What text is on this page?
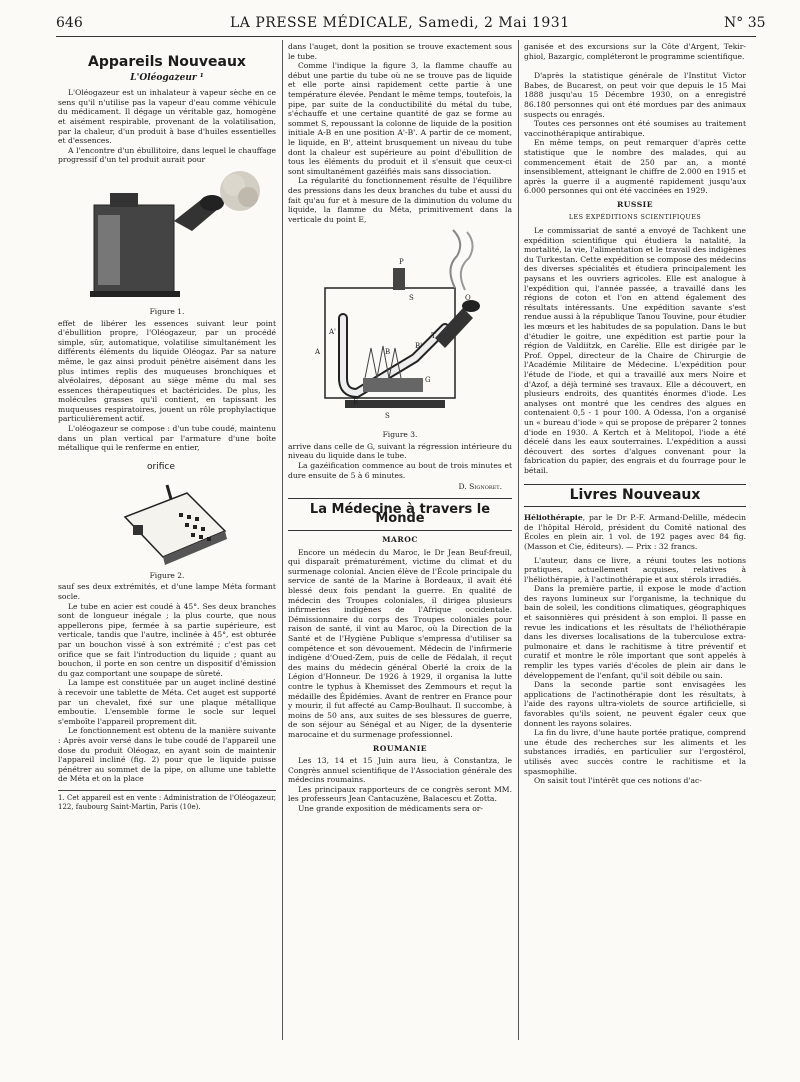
646	LA PRESSE MÉDICALE, Samedi, 2 Mai 1931	N° 35
Appareils Nouveaux
L'Oléogazeur ¹

L'Oléogazeur est un inhalateur à vapeur sèche en ce sens qu'il n'utilise pas la vapeur d'eau comme véhicule du médicament. Il dégage un véritable gaz, homogène et aisément respirable, provenant de la volatilisation, par la chaleur, d'un produit à base d'huiles essentielles et d'essences.

A l'encontre d'un ébullitoire, dans lequel le chauffage progressif d'un tel produit aurait pour

Figure 1.

effet de libérer les essences suivant leur point d'ébullition propre, l'Oléogazeur, par un procédé simple, sûr, automatique, volatilise simultanément les différents éléments du liquide Oléogaz. Par sa nature même, le gaz ainsi produit pénètre aisément dans les plus intimes replis des muqueuses bronchiques et alvéolaires, déposant au siège même du mal ses essences thérapeutiques et bactéricides. De plus, les molécules grasses qu'il contient, en tapissant les muqueuses respiratoires, jouent un rôle prophylactique particulièrement actif.

L'oléogazeur se compose : d'un tube coudé, maintenu dans un plan vertical par l'armature d'une boîte métallique qui le renferme en entier,

orifice
Figure 2.

sauf ses deux extrémités, et d'une lampe Méta formant socle.

Le tube en acier est coudé à 45°. Ses deux branches sont de longueur inégale ; la plus courte, que nous appellerons pipe, fermée à sa partie supérieure, est verticale, tandis que l'autre, inclinée à 45°, est obturée par un bouchon vissé à son extrémité ; c'est pas cet orifice que se fait l'introduction du liquide ; quant au bouchon, il porte en son centre un dispositif d'émission du gaz comportant une soupape de sûreté.

La lampe est constituée par un auget incliné destiné à recevoir une tablette de Méta. Cet auget est supporté par un chevalet, fixé sur une plaque métallique emboutie. L'ensemble forme le socle sur lequel s'emboîte l'appareil proprement dit.

Le fonctionnement est obtenu de la manière suivante : Après avoir versé dans le tube coudé de l'appareil une dose du produit Oléogaz, en ayant soin de maintenir l'appareil incliné (fig. 2) pour que le liquide puisse pénétrer au sommet de la pipe, on allume une tablette de Méta et on la place

1. Cet appareil est en vente : Administration de l'Oléogazeur, 122, faubourg Saint-Martin, Paris (10e).

dans l'auget, dont la position se trouve exactement sous le tube.

Comme l'indique la figure 3, la flamme chauffe au début une partie du tube où ne se trouve pas de liquide et elle porte ainsi rapidement cette partie à une température élevée. Pendant le même temps, toutefois, la pipe, par suite de la conductibilité du métal du tube, s'échauffe et une certaine quantité de gaz se forme au sommet S, repoussant la colonne de liquide de la position initiale A-B en une position A'-B'. A partir de ce moment, le liquide, en B', atteint brusquement un niveau du tube dont la chaleur est supérieure au point d'ébullition de tous les éléments du produit et il s'ensuit que ceux-ci sont simultanément gazéifiés mais sans dissociation.

La régularité du fonctionnement résulte de l'équilibre des pressions dans les deux branches du tube et aussi du fait qu'au fur et à mesure de la diminution du volume du liquide, la flamme du Méta, primitivement dans la verticale du point E,

P
O
S
T
A
A'
B
B'
E
G
S
Figure 3.

arrive dans celle de G, suivant la régression intérieure du niveau du liquide dans le tube.

La gazéification commence au bout de trois minutes et dure ensuite de 5 à 6 minutes.

D. Signoret.
La Médecine à travers le Monde
MAROC

Encore un médecin du Maroc, le Dr Jean Beuf-freuil, qui disparaît prématurément, victime du climat et du surmenage colonial. Ancien élève de l'École principale du service de santé de la Marine à Bordeaux, il avait été blessé deux fois pendant la guerre. En qualité de médecin des Troupes coloniales, il dirigea plusieurs infirmeries indigènes de l'Afrique occidentale. Démissionnaire du corps des Troupes coloniales pour raison de santé, il vint au Maroc, où la Direction de la Santé et de l'Hygiène Publique s'empressa d'utiliser sa compétence et son dévouement. Médecin de l'infirmerie indigène d'Oued-Zem, puis de celle de Fédalah, il reçut des mains du médecin général Oberlé la croix de la Légion d'Honneur. De 1926 à 1929, il organisa la lutte contre le typhus à Khemisset des Zemmours et reçut la médaille des Épidémies. Avant de rentrer en France pour y mourir, il fut affecté au Camp-Boulhaut. Il succombe, à moins de 50 ans, aux suites de ses blessures de guerre, de son séjour au Sénégal et au Niger, de la dysenterie marocaine et du surmenage professionnel.

ROUMANIE

Les 13, 14 et 15 Juin aura lieu, à Constantza, le Congrès annuel scientifique de l'Association générale des médecins roumains.

Les principaux rapporteurs de ce congrès seront MM. les professeurs Jean Cantacuzène, Balacescu et Zotta.

Une grande exposition de médicaments sera or-

ganisée et des excursions sur la Côte d'Argent, Tekir-ghiol, Bazargic, compléteront le programme scientifique.

D'après la statistique générale de l'Institut Victor Babes, de Bucarest, on peut voir que depuis le 15 Mai 1888 jusqu'au 15 Décembre 1930, on a enregistré 86.180 personnes qui ont été mordues par des animaux suspects ou enragés.

Toutes ces personnes ont été soumises au traitement vaccinothérapique antirabique.

En même temps, on peut remarquer d'après cette statistique que le nombre des malades, qui au commencement était de 250 par an, a monté insensiblement, atteignant le chiffre de 2.000 en 1915 et après la guerre il a augmenté rapidement jusqu'aux 6.000 personnes qui ont été vaccinées en 1929.

RUSSIE
LES EXPÉDITIONS SCIENTIFIQUES

Le commissariat de santé a envoyé de Tachkent une expédition scientifique qui étudiera la natalité, la mortalité, la vie, l'alimentation et le travail des indigènes du Turkestan. Cette expédition se compose des médecins des diverses spécialités et étudiera principalement les paysans et les ouvriers agricoles. Elle est analogue à l'expédition qui, l'année passée, a travaillé dans les régions de coton et l'on en attend également des résultats intéressants. Une expédition savante s'est rendue aussi à la république Tanou Touvine, pour étudier les mœurs et les habitudes de sa population. Dans le but d'étudier le goitre, une expédition est partie pour la région de Valdiitzk, en Carélie. Elle est dirigée par le Prof. Oppel, directeur de la Chaire de Chirurgie de l'Académie Militaire de Médecine. L'expédition pour l'étude de l'iode, et qui a travaillé aux mers Noire et d'Azof, a déjà terminé ses travaux. Elle a découvert, en plusieurs endroits, des quantités énormes d'iode. Les analyses ont montré que les cendres des algues en contenaient 0,5 - 1 pour 100. A Odessa, l'on a organisé un « bureau d'iode » qui se propose de préparer 2 tonnes d'iode en 1930. A Kertch et à Melitopol, l'iode a été décelé dans les eaux souterraines. L'expédition a aussi découvert des sortes d'algues convenant pour la fabrication du papier, des engrais et du fourrage pour le bétail.

Livres Nouveaux

Héliothérapie, par le Dr P.-F. Armand-Delille, médecin de l'hôpital Hérold, président du Comité national des Écoles en plein air. 1 vol. de 192 pages avec 84 fig. (Masson et Cie, éditeurs). — Prix : 32 francs.

L'auteur, dans ce livre, a réuni toutes les notions pratiques, actuellement acquises, relatives à l'héliothérapie, à l'actinothérapie et aux stérols irradiés.

Dans la première partie, il expose le mode d'action des rayons lumineux sur l'organisme, la technique du bain de soleil, les conditions climatiques, géographiques et saisonnières qui président à son emploi. Il passe en revue les indications et les résultats de l'héliothérapie dans les diverses localisations de la tuberculose extra-pulmonaire et dans le rachitisme à titre préventif et curatif et montre le rôle important que sont appelés à remplir les types variés d'écoles de plein air dans le développement de l'enfant, qu'il soit débile ou sain.

Dans la seconde partie sont envisagées les applications de l'actinothérapie dont les résultats, à l'aide des rayons ultra-violets de source artificielle, si favorables qu'ils soient, ne peuvent égaler ceux que donnent les rayons solaires.

La fin du livre, d'une haute portée pratique, comprend une étude des recherches sur les aliments et les substances irradiés, en particulier sur l'ergostérol, utilisés avec succès contre le rachitisme et la spasmophilie.

On saisit tout l'intérêt que ces notions d'ac-
